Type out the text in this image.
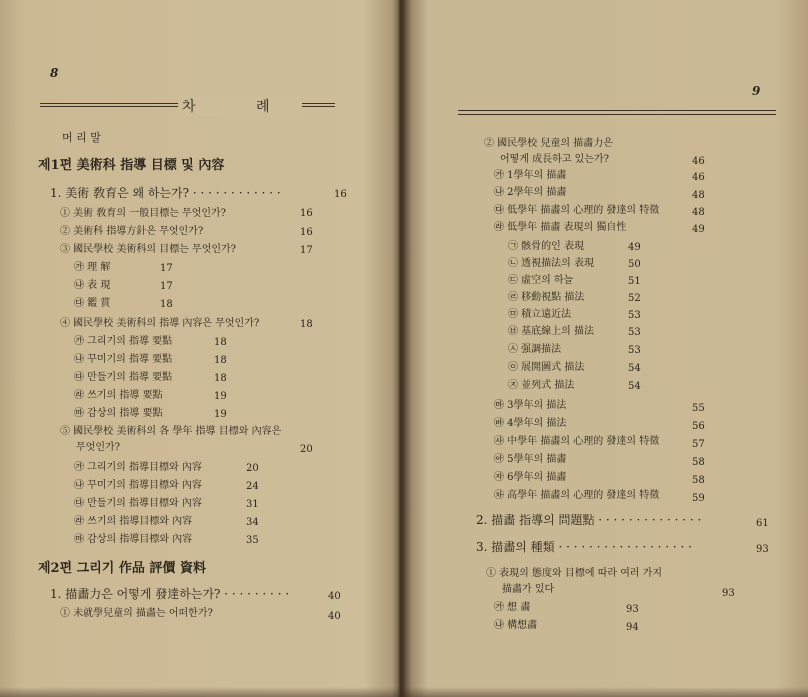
8
차 례
머 리 말
제1편 美術科 指導 目標 및 內容
1. 美術 敎育은 왜 하는가? · · · · · · · · · · · ·	16
① 美術 敎育의 一般目標는 무엇인가?	16
② 美術科 指導方針은 무엇인가?	16
③ 國民學校 美術科의 目標는 무엇인가?	17
㉮ 理 解	17
㉯ 表 現	17
㉰ 鑑 賞	18
④ 國民學校 美術科의 指導 內容은 무엇인가?	18
㉮ 그리기의 指導 要點	18
㉯ 꾸미기의 指導 要點	18
㉰ 만들기의 指導 要點	18
㉱ 쓰기의 指導 要點	19
㉲ 감상의 指導 要點	19
⑤ 國民學校 美術科의 各 學年 指導 目標와 內容은
무엇인가?	20
㉮ 그리기의 指導目標와 內容	20
㉯ 꾸미기의 指導目標와 內容	24
㉰ 만들기의 指導目標와 內容	31
㉱ 쓰기의 指導目標와 內容	34
㉲ 감상의 指導目標와 內容	35
제2편 그리기 作品 評價 資料
1. 描畵力은 어떻게 發達하는가? · · · · · · · · ·	40
① 未就學兒童의 描畵는 어떠한가?	40
9
② 國民學校 兒童의 描畵力은
어떻게 成長하고 있는가?	46
㉮ 1學年의 描畵	46
㉯ 2學年의 描畵	48
㉰ 低學年 描畵의 心理的 發達의 特徵	48
㉱ 低學年 描畵 表現의 獨自性	49
㉠ 骸骨的인 表現	49
㉡ 透視描法의 表現	50
㉢ 虛空의 하늘	51
㉣ 移動視點 描法	52
㉤ 積立遠近法	53
㉥ 基底線上의 描法	53
㉦ 强調描法	53
㉧ 展開圖式 描法	54
㉨ 並列式 描法	54
㉲ 3學年의 描法	55
㉳ 4學年의 描法	56
㉴ 中學年 描畵의 心理的 發達의 特徵	57
㉵ 5學年의 描畵	58
㉶ 6學年의 描畵	58
㉷ 高學年 描畵의 心理的 發達의 特徵	59
2. 描畵 指導의 問題點 · · · · · · · · · · · · · ·	61
3. 描畵의 種類 · · · · · · · · · · · · · · · · · ·	93
① 表現의 態度와 目標에 따라 여러 가지
描畵가 있다	93
㉮ 想 畵	93
㉯ 構想畵	94
